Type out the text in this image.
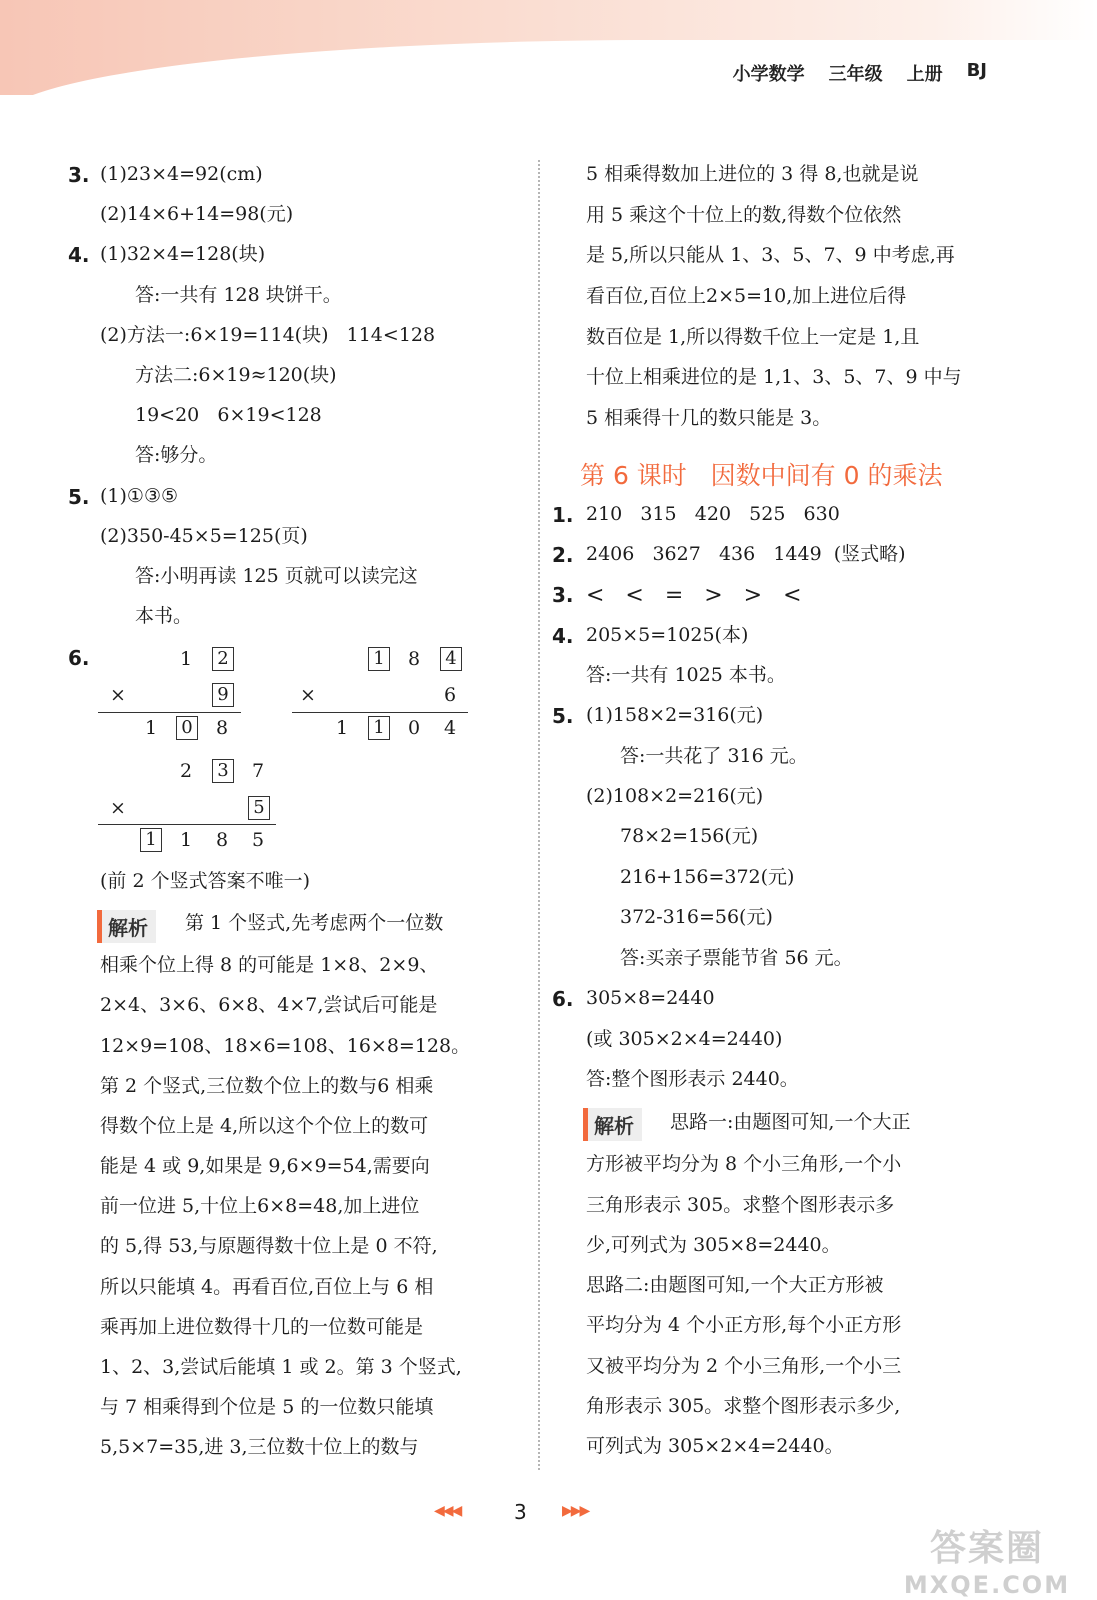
小学数学 三年级 上册 BJ
3. (1)23×4=92(cm)
(2)14×6+14=98(元)
4. (1)32×4=128(块)
答:一共有 128 块饼干。
(2)方法一:6×19=114(块)   114<128
方法二:6×19≈120(块)
19<20   6×19<128
答:够分。
5. (1)①③⑤
(2)350-45×5=125(页)
答:小明再读 125 页就可以读完这
本书。
6.	1 2
×	9
1 0 8
1 8 4
×	6
1 1 0 4
2 3 7
×	5
1 1 8 5
(前 2 个竖式答案不唯一)
解析	第 1 个竖式,先考虑两个一位数
相乘个位上得 8 的可能是 1×8、2×9、
2×4、3×6、6×8、4×7,尝试后可能是
12×9=108、18×6=108、16×8=128。
第 2 个竖式,三位数个位上的数与6 相乘
得数个位上是 4,所以这个个位上的数可
能是 4 或 9,如果是 9,6×9=54,需要向
前一位进 5,十位上6×8=48,加上进位
的 5,得 53,与原题得数十位上是 0 不符,
所以只能填 4。再看百位,百位上与 6 相
乘再加上进位数得十几的一位数可能是
1、2、3,尝试后能填 1 或 2。第 3 个竖式,
与 7 相乘得到个位是 5 的一位数只能填
5,5×7=35,进 3,三位数十位上的数与
5 相乘得数加上进位的 3 得 8,也就是说
用 5 乘这个十位上的数,得数个位依然
是 5,所以只能从 1、3、5、7、9 中考虑,再
看百位,百位上2×5=10,加上进位后得
数百位是 1,所以得数千位上一定是 1,且
十位上相乘进位的是 1,1、3、5、7、9 中与
5 相乘得十几的数只能是 3。
第 6 课时   因数中间有 0 的乘法
1. 210   315   420   525   630
2. 2406   3627   436   1449  (竖式略)
3. <   <   =   >   >   <
4. 205×5=1025(本)
答:一共有 1025 本书。
5. (1)158×2=316(元)
答:一共花了 316 元。
(2)108×2=216(元)
78×2=156(元)
216+156=372(元)
372-316=56(元)
答:买亲子票能节省 56 元。
6. 305×8=2440
(或 305×2×4=2440)
答:整个图形表示 2440。
解析	思路一:由题图可知,一个大正
方形被平均分为 8 个小三角形,一个小
三角形表示 305。求整个图形表示多
少,可列式为 305×8=2440。
思路二:由题图可知,一个大正方形被
平均分为 4 个小正方形,每个小正方形
又被平均分为 2 个小三角形,一个小三
角形表示 305。求整个图形表示多少,
可列式为 305×2×4=2440。
◀◀◀	3	▶▶▶
答案圈
MXQE.COM
